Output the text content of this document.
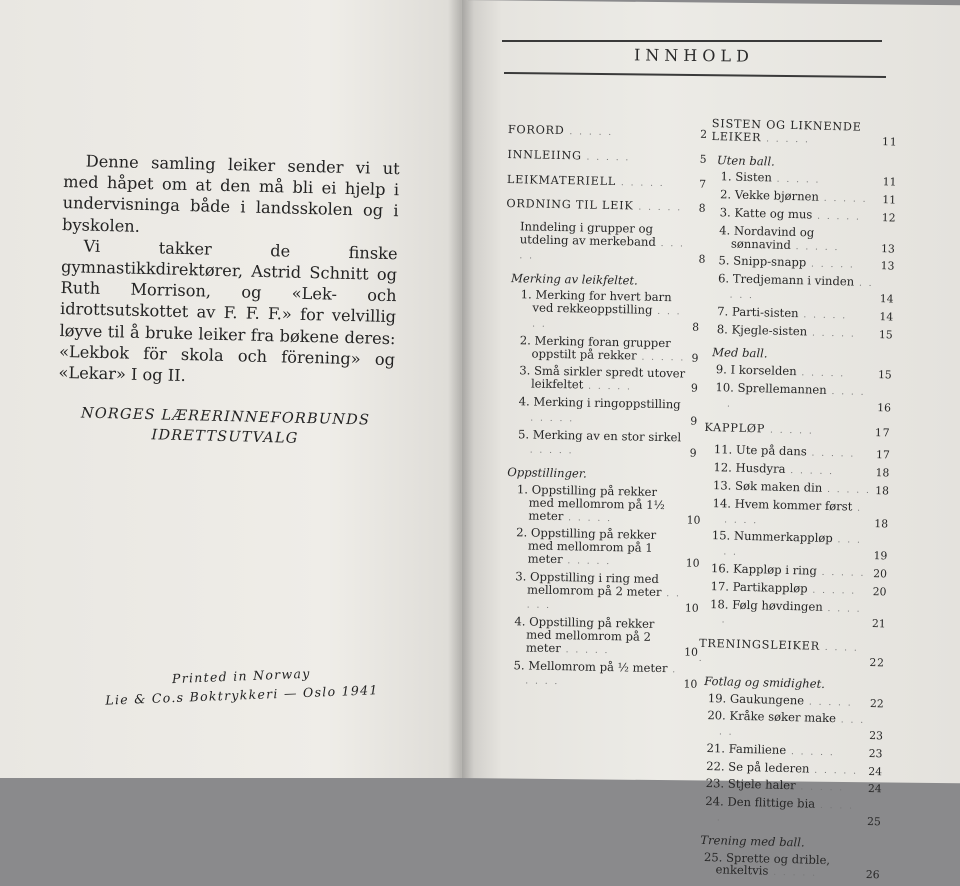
Denne samling leiker sender vi ut med håpet om at den må bli ei hjelp i undervisninga både i landsskolen og i byskolen.

Vi takker de finske gymnastikkdirektører, Astrid Schnitt og Ruth Morrison, og «Lek- och idrottsutskottet av F. F. F.» for velvillig løyve til å bruke leiker fra bøkene deres: «Lekbok för skola och förening» og «Lekar» I og II.

NORGES LÆRERINNEFORBUNDS
IDRETTSUTVALG
Printed in Norway
Lie & Co.s Boktrykkeri — Oslo 1941
INNHOLD
FORORD . . . . .	2
INNLEIING . . . . .	5
LEIKMATERIELL . . . . .	7
ORDNING TIL LEIK . . . . . 8
Inndeling i grupper og utdeling av merkeband . . . . .	8
Merking av leikfeltet.
1. Merking for hvert barn ved rekkeoppstilling . . . . .	8
2. Merking foran grupper oppstilt på rekker . . . . . 9
3. Små sirkler spredt utover leikfeltet . . . . .	9
4. Merking i ringoppstilling . . . . .	9
5. Merking av en stor sirkel . . . . .	9
Oppstillinger.
1. Oppstilling på rekker med mellomrom på 1½ meter . . . . .	10
2. Oppstilling på rekker med mellomrom på 1 meter . . . . .	10
3. Oppstilling i ring med mellomrom på 2 meter . . . . .	10
4. Oppstilling på rekker med mellomrom på 2 meter . . . . .	10
5. Mellomrom på ½ meter . . . . .	10
SISTEN OG LIKNENDE LEIKER . . . . .	11
Uten ball.
1. Sisten . . . . .	11
2. Vekke bjørnen . . . . . 11
3. Katte og mus . . . . . 12
4. Nordavind og sønnavind . . . . .	13
5. Snipp-snapp . . . . . 13
6. Tredjemann i vinden . . . . .	14
7. Parti-sisten . . . . .	14
8. Kjegle-sisten . . . . . 15
Med ball.
9. I korselden . . . . .	15
10. Sprellemannen . . . . .	16
KAPPLØP . . . . .	17
11. Ute på dans . . . . . 17
12. Husdyra . . . . .	18
13. Søk maken din . . . . . 18
14. Hvem kommer først . . . . .	18
15. Nummerkappløp . . . . .	19
16. Kappløp i ring . . . . . 20
17. Partikappløp . . . . . 20
18. Følg høvdingen . . . . .	21
TRENINGSLEIKER . . . . .	22
Fotlag og smidighet.
19. Gaukungene . . . . . 22
20. Kråke søker make . . . . .	23
21. Familiene . . . . .	23
22. Se på lederen . . . . . 24
23. Stjele haler . . . . . 24
24. Den flittige bia . . . . .	25
Trening med ball.
25. Sprette og drible, enkeltvis . . . . .	26
